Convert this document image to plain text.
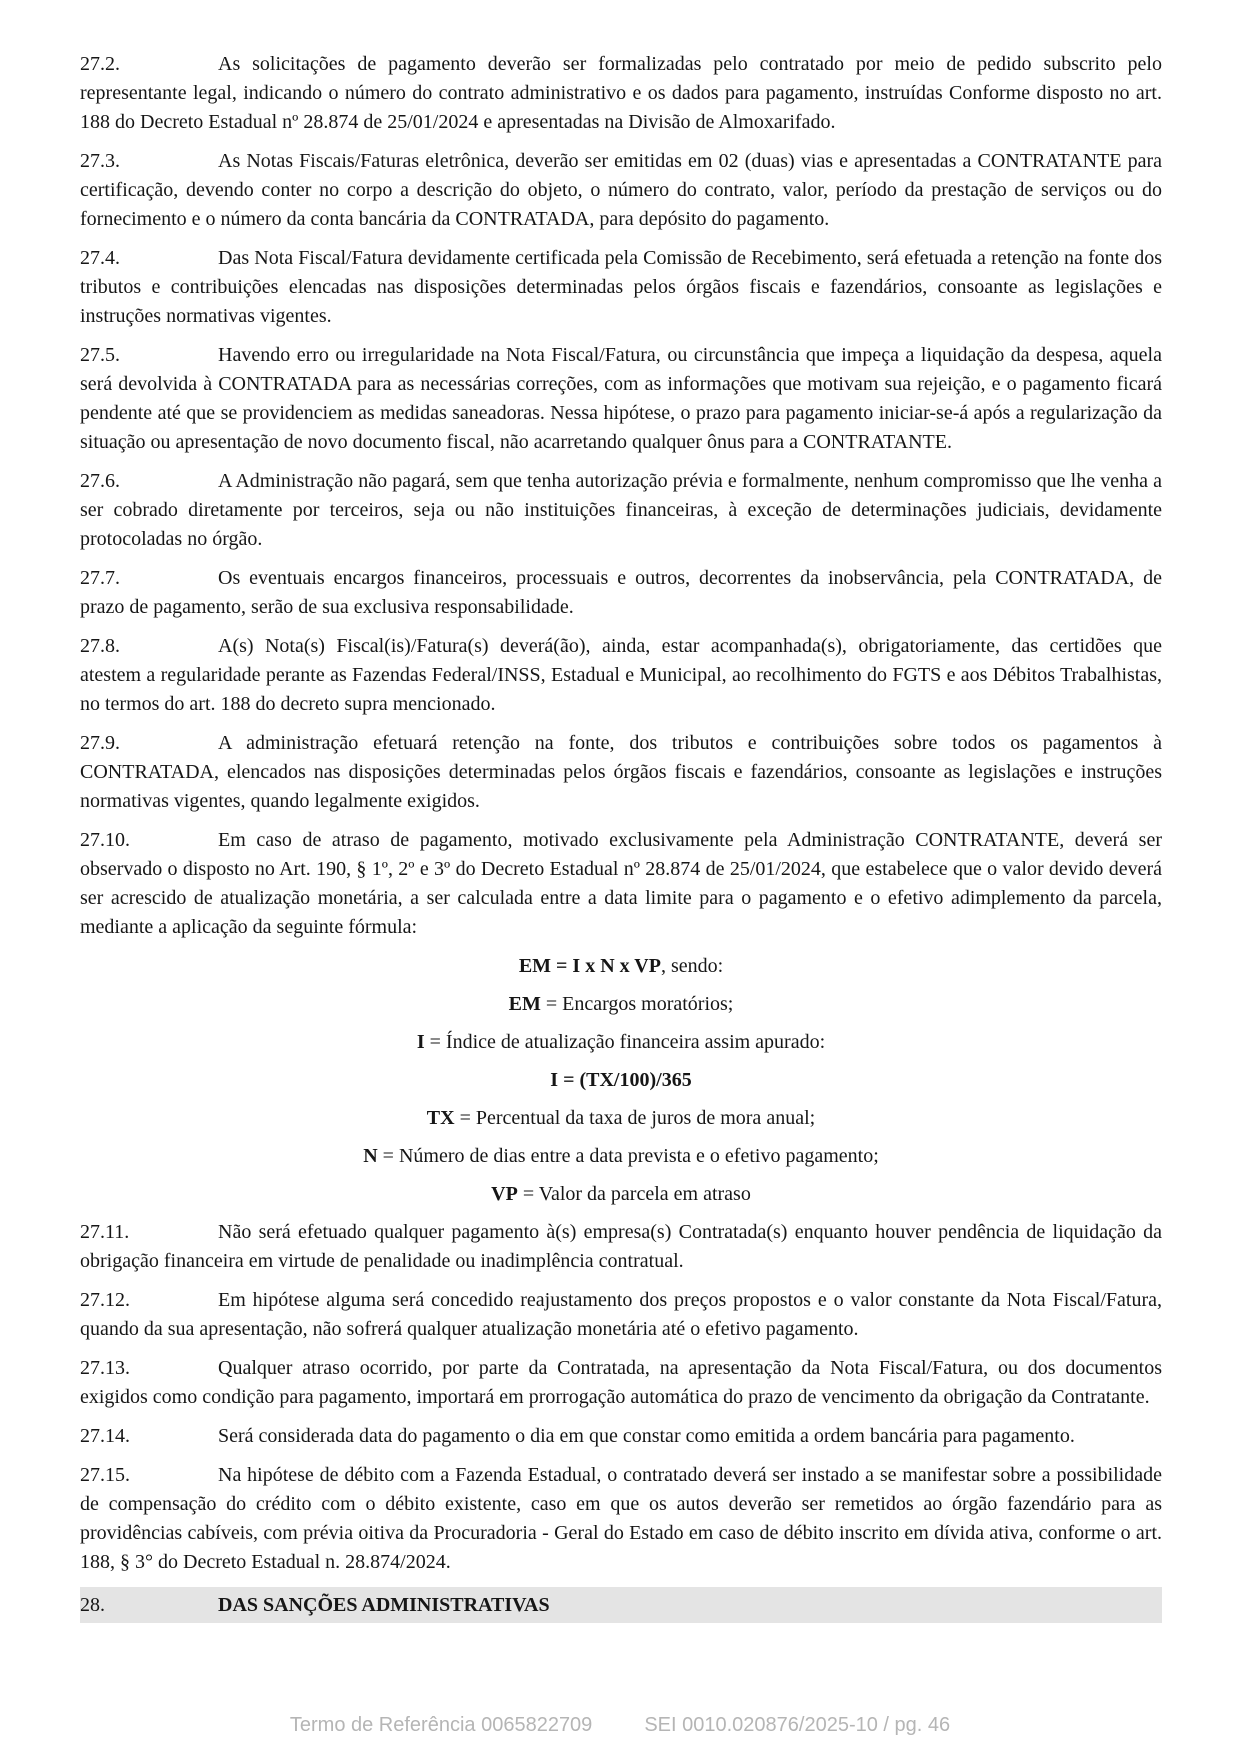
27.2.	As solicitações de pagamento deverão ser formalizadas pelo contratado por meio de pedido subscrito pelo representante legal, indicando o número do contrato administrativo e os dados para pagamento, instruídas Conforme disposto no art. 188 do Decreto Estadual nº 28.874 de 25/01/2024 e apresentadas na Divisão de Almoxarifado.

27.3.	As Notas Fiscais/Faturas eletrônica, deverão ser emitidas em 02 (duas) vias e apresentadas a CONTRATANTE para certificação, devendo conter no corpo a descrição do objeto, o número do contrato, valor, período da prestação de serviços ou do fornecimento e o número da conta bancária da CONTRATADA, para depósito do pagamento.

27.4.	Das Nota Fiscal/Fatura devidamente certificada pela Comissão de Recebimento, será efetuada a retenção na fonte dos tributos e contribuições elencadas nas disposições determinadas pelos órgãos fiscais e fazendários, consoante as legislações e instruções normativas vigentes.

27.5.	Havendo erro ou irregularidade na Nota Fiscal/Fatura, ou circunstância que impeça a liquidação da despesa, aquela será devolvida à CONTRATADA para as necessárias correções, com as informações que motivam sua rejeição, e o pagamento ficará pendente até que se providenciem as medidas saneadoras. Nessa hipótese, o prazo para pagamento iniciar-se-á após a regularização da situação ou apresentação de novo documento fiscal, não acarretando qualquer ônus para a CONTRATANTE.

27.6.	A Administração não pagará, sem que tenha autorização prévia e formalmente, nenhum compromisso que lhe venha a ser cobrado diretamente por terceiros, seja ou não instituições financeiras, à exceção de determinações judiciais, devidamente protocoladas no órgão.

27.7.	Os eventuais encargos financeiros, processuais e outros, decorrentes da inobservância, pela CONTRATADA, de prazo de pagamento, serão de sua exclusiva responsabilidade.

27.8.	A(s) Nota(s) Fiscal(is)/Fatura(s) deverá(ão), ainda, estar acompanhada(s), obrigatoriamente, das certidões que atestem a regularidade perante as Fazendas Federal/INSS, Estadual e Municipal, ao recolhimento do FGTS e aos Débitos Trabalhistas, no termos do art. 188 do decreto supra mencionado.

27.9.	A administração efetuará retenção na fonte, dos tributos e contribuições sobre todos os pagamentos à CONTRATADA, elencados nas disposições determinadas pelos órgãos fiscais e fazendários, consoante as legislações e instruções normativas vigentes, quando legalmente exigidos.

27.10.	Em caso de atraso de pagamento, motivado exclusivamente pela Administração CONTRATANTE, deverá ser observado o disposto no Art. 190, § 1º, 2º e 3º do Decreto Estadual nº 28.874 de 25/01/2024, que estabelece que o valor devido deverá ser acrescido de atualização monetária, a ser calculada entre a data limite para o pagamento e o efetivo adimplemento da parcela, mediante a aplicação da seguinte fórmula:

EM = I x N x VP, sendo:

EM = Encargos moratórios;

I = Índice de atualização financeira assim apurado:

I = (TX/100)/365

TX = Percentual da taxa de juros de mora anual;

N = Número de dias entre a data prevista e o efetivo pagamento;

VP = Valor da parcela em atraso

27.11.	Não será efetuado qualquer pagamento à(s) empresa(s) Contratada(s) enquanto houver pendência de liquidação da obrigação financeira em virtude de penalidade ou inadimplência contratual.

27.12.	Em hipótese alguma será concedido reajustamento dos preços propostos e o valor constante da Nota Fiscal/Fatura, quando da sua apresentação, não sofrerá qualquer atualização monetária até o efetivo pagamento.

27.13.	Qualquer atraso ocorrido, por parte da Contratada, na apresentação da Nota Fiscal/Fatura, ou dos documentos exigidos como condição para pagamento, importará em prorrogação automática do prazo de vencimento da obrigação da Contratante.

27.14.	Será considerada data do pagamento o dia em que constar como emitida a ordem bancária para pagamento.

27.15.	Na hipótese de débito com a Fazenda Estadual, o contratado deverá ser instado a se manifestar sobre a possibilidade de compensação do crédito com o débito existente, caso em que os autos deverão ser remetidos ao órgão fazendário para as providências cabíveis, com prévia oitiva da Procuradoria - Geral do Estado em caso de débito inscrito em dívida ativa, conforme o art. 188, § 3° do Decreto Estadual n. 28.874/2024.

28.	DAS SANÇÕES ADMINISTRATIVAS
Termo de Referência 0065822709	SEI 0010.020876/2025-10 / pg. 46
